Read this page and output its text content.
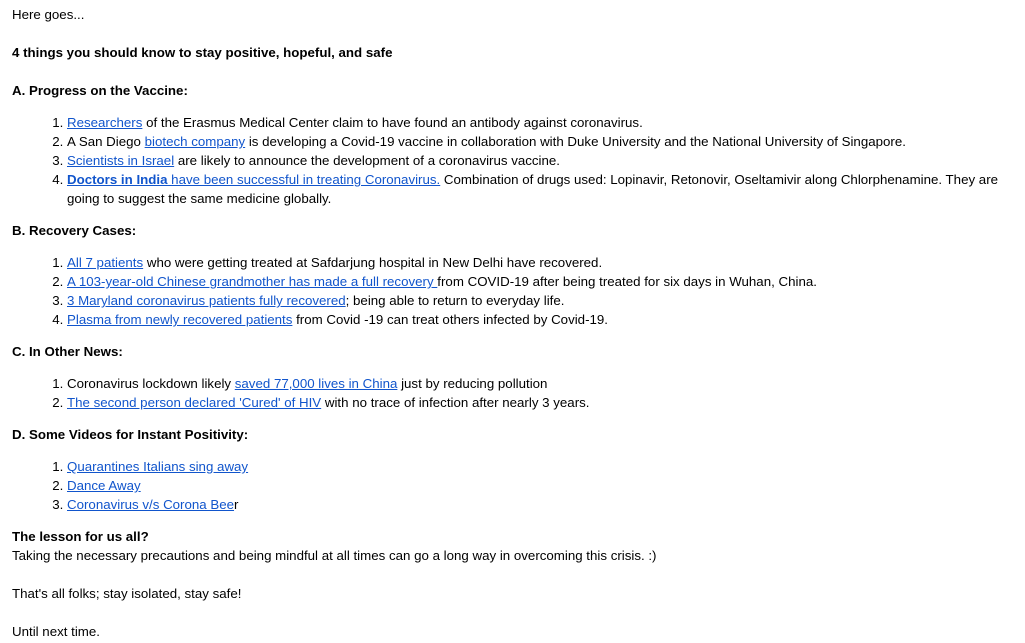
Here goes...

4 things you should know to stay positive, hopeful, and safe

A. Progress on the Vaccine:

1. Researchers of the Erasmus Medical Center claim to have found an antibody against coronavirus.
2. A San Diego biotech company is developing a Covid-19 vaccine in collaboration with Duke University and the National University of Singapore.
3. Scientists in Israel are likely to announce the development of a coronavirus vaccine.
4. Doctors in India have been successful in treating Coronavirus. Combination of drugs used: Lopinavir, Retonovir, Oseltamivir along Chlorphenamine. They are going to suggest the same medicine globally.

B. Recovery Cases:

1. All 7 patients who were getting treated at Safdarjung hospital in New Delhi have recovered.
2. A 103-year-old Chinese grandmother has made a full recovery from COVID-19 after being treated for six days in Wuhan, China.
3. 3 Maryland coronavirus patients fully recovered; being able to return to everyday life.
4. Plasma from newly recovered patients from Covid -19 can treat others infected by Covid-19.

C. In Other News:

1. Coronavirus lockdown likely saved 77,000 lives in China just by reducing pollution
2. The second person declared 'Cured' of HIV with no trace of infection after nearly 3 years.

D. Some Videos for Instant Positivity:

1. Quarantines Italians sing away
2. Dance Away
3. Coronavirus v/s Corona Beer

The lesson for us all?

Taking the necessary precautions and being mindful at all times can go a long way in overcoming this crisis. :)

That's all folks; stay isolated, stay safe!

Until next time.
